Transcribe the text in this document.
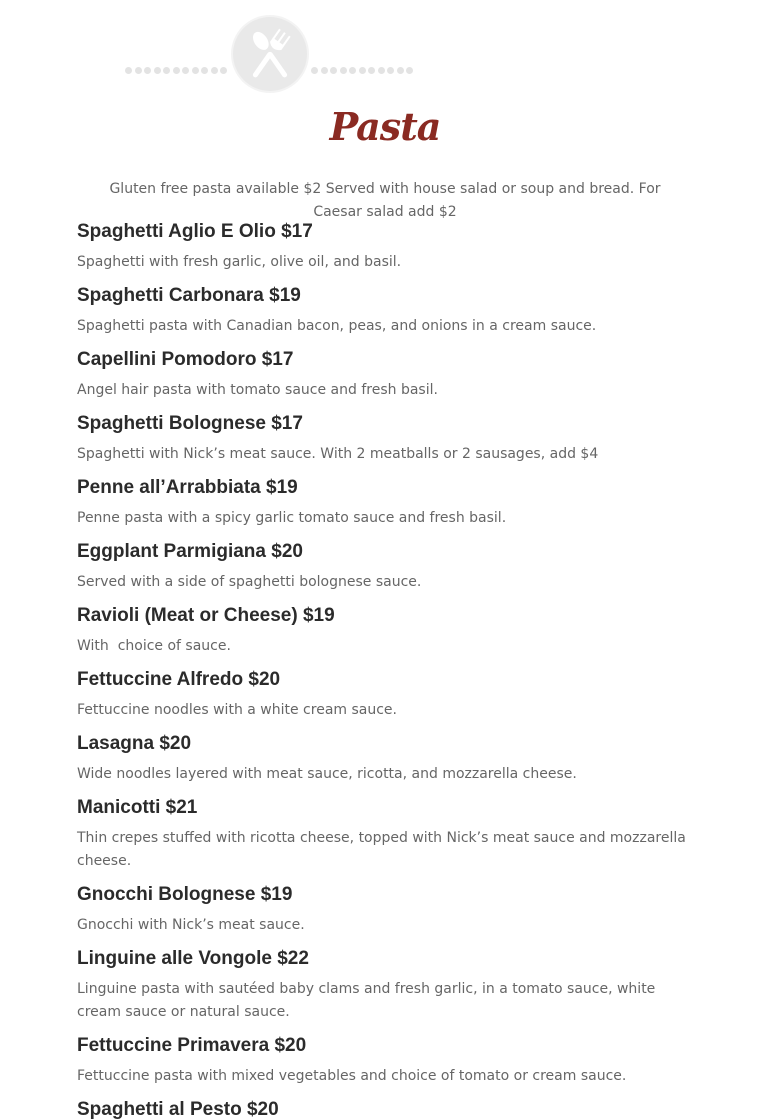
Pasta

Gluten free pasta available $2 Served with house salad or soup and bread. For Caesar salad add $2

Spaghetti Aglio E Olio $17

Spaghetti with fresh garlic, olive oil, and basil.

Spaghetti Carbonara $19

Spaghetti pasta with Canadian bacon, peas, and onions in a cream sauce.

Capellini Pomodoro $17

Angel hair pasta with tomato sauce and fresh basil.

Spaghetti Bolognese $17

Spaghetti with Nick’s meat sauce. With 2 meatballs or 2 sausages, add $4

Penne all’Arrabbiata $19

Penne pasta with a spicy garlic tomato sauce and fresh basil.

Eggplant Parmigiana $20

Served with a side of spaghetti bolognese sauce.

Ravioli (Meat or Cheese) $19

With  choice of sauce.

Fettuccine Alfredo $20

Fettuccine noodles with a white cream sauce.

Lasagna $20

Wide noodles layered with meat sauce, ricotta, and mozzarella cheese.

Manicotti $21

Thin crepes stuffed with ricotta cheese, topped with Nick’s meat sauce and mozzarella cheese.

Gnocchi Bolognese $19

Gnocchi with Nick’s meat sauce.

Linguine alle Vongole $22

Linguine pasta with sautéed baby clams and fresh garlic, in a tomato sauce, white cream sauce or natural sauce.

Fettuccine Primavera $20

Fettuccine pasta with mixed vegetables and choice of tomato or cream sauce.

Spaghetti al Pesto $20
